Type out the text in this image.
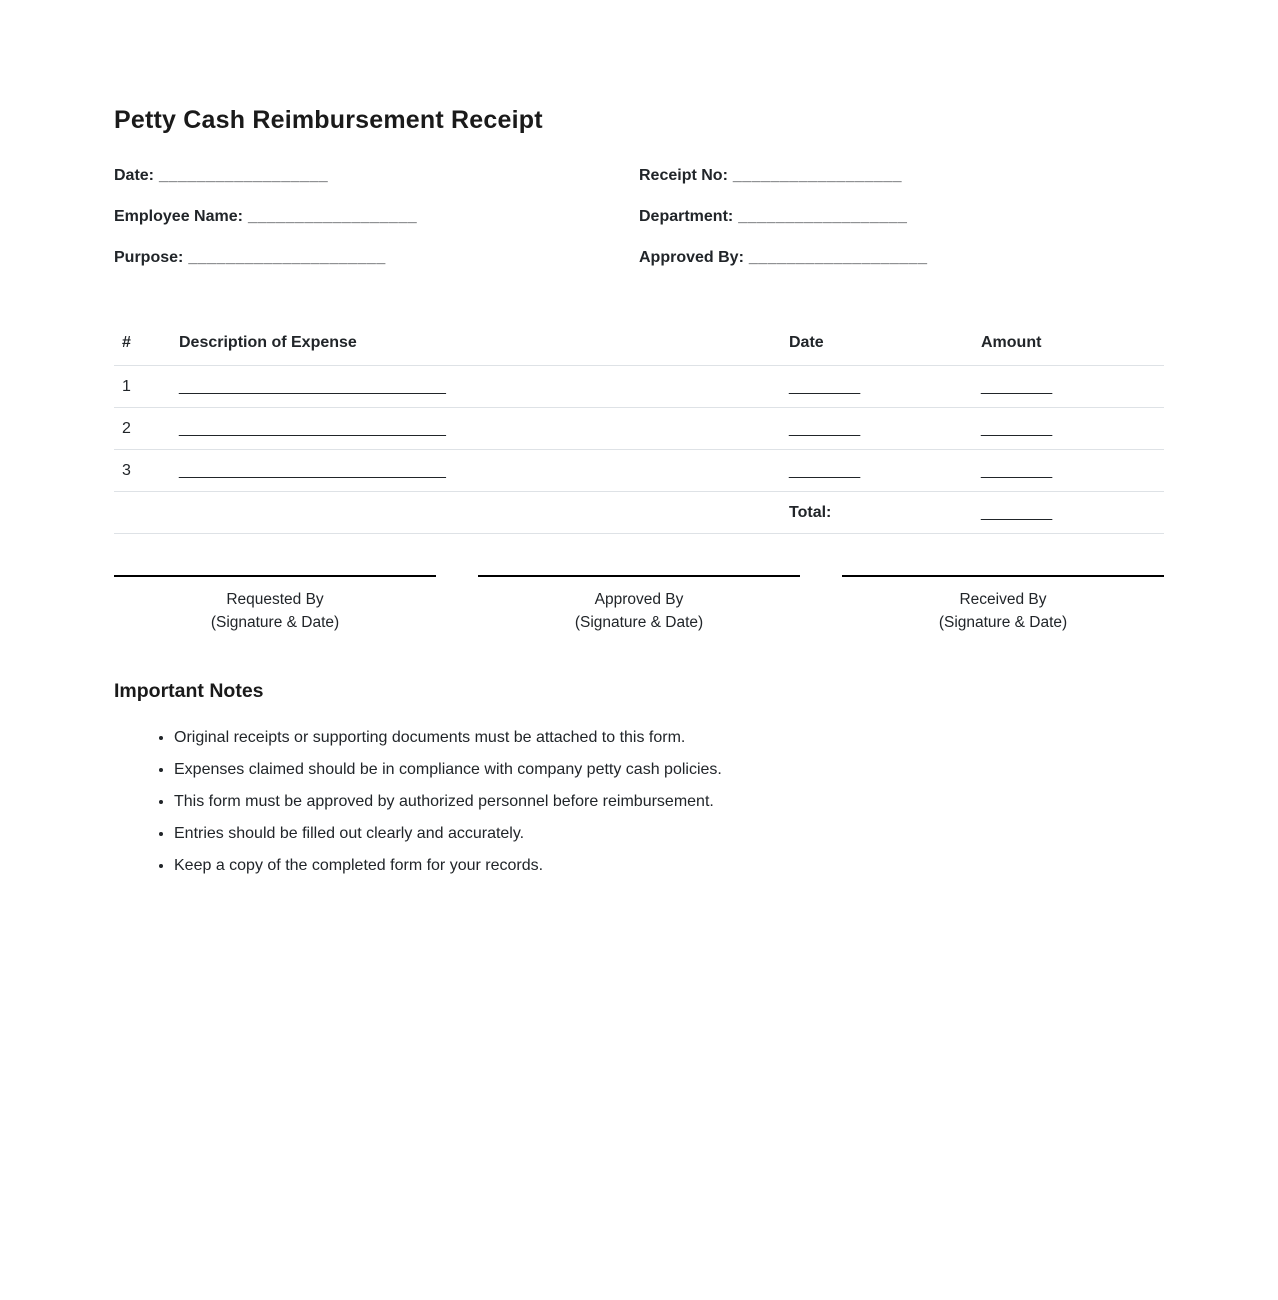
Petty Cash Reimbursement Receipt
Date: __________________	Receipt No: __________________
Employee Name: __________________	Department: __________________
Purpose: _____________________	Approved By: ___________________
#	Description of Expense	Date	Amount
1	______________________________	________	________
2	______________________________	________	________
3	______________________________	________	________
		Total:	________
Requested By
(Signature & Date)
Approved By
(Signature & Date)
Received By
(Signature & Date)
Important Notes
• Original receipts or supporting documents must be attached to this form.
• Expenses claimed should be in compliance with company petty cash policies.
• This form must be approved by authorized personnel before reimbursement.
• Entries should be filled out clearly and accurately.
• Keep a copy of the completed form for your records.
